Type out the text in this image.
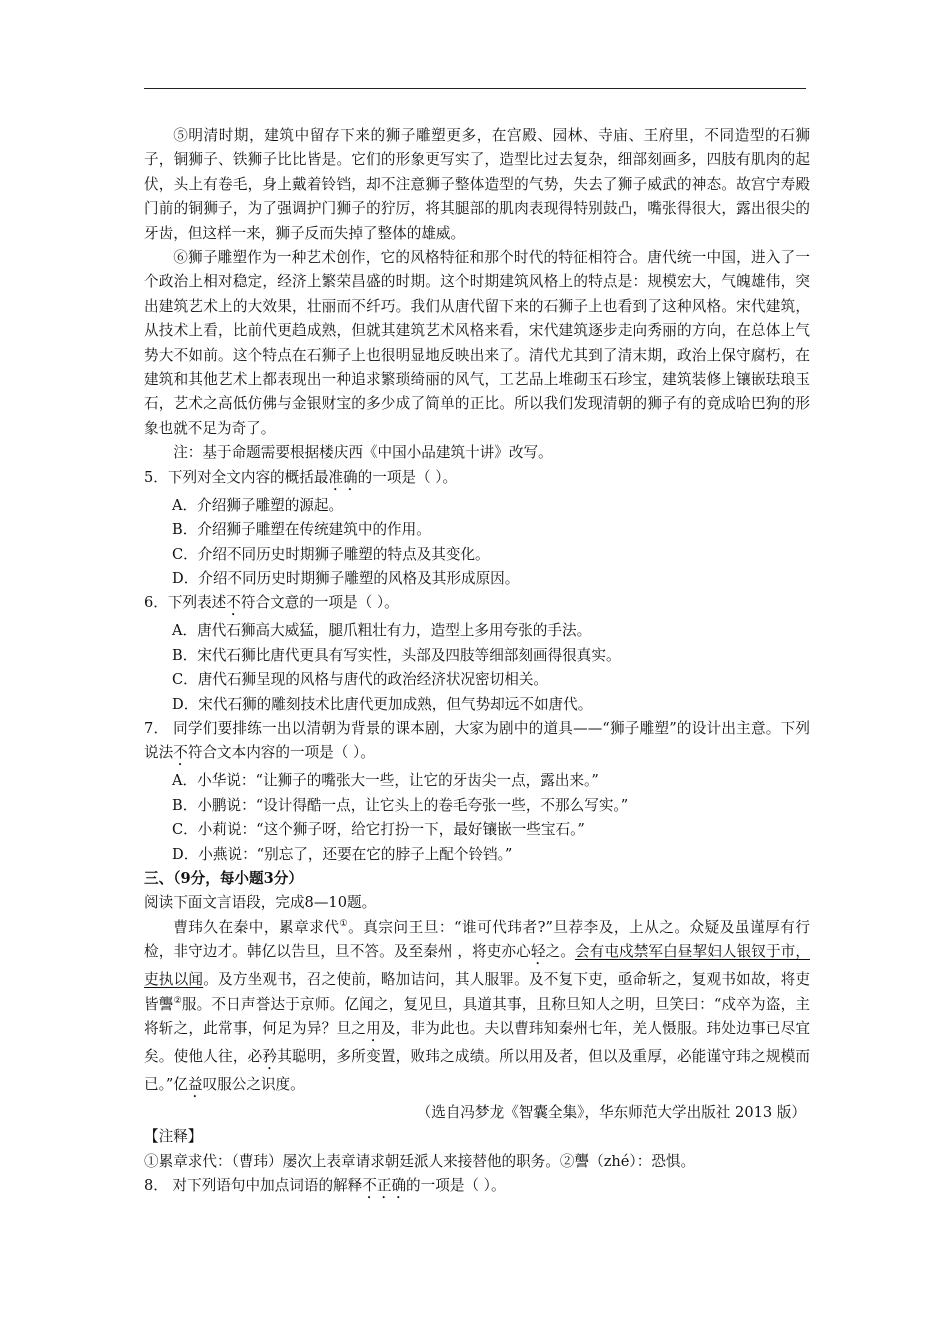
⑤明清时期，建筑中留存下来的狮子雕塑更多，在宫殿、园林、寺庙、王府里，不同造型的石狮子，铜狮子、铁狮子比比皆是。它们的形象更写实了，造型比过去复杂，细部刻画多，四肢有肌肉的起伏，头上有卷毛，身上戴着铃铛，却不注意狮子整体造型的气势，失去了狮子威武的神态。故宫宁寿殿门前的铜狮子，为了强调护门狮子的狞厉，将其腿部的肌肉表现得特别鼓凸，嘴张得很大，露出很尖的牙齿，但这样一来，狮子反而失掉了整体的雄威。

⑥狮子雕塑作为一种艺术创作，它的风格特征和那个时代的特征相符合。唐代统一中国，进入了一个政治上相对稳定，经济上繁荣昌盛的时期。这个时期建筑风格上的特点是：规模宏大，气魄雄伟，突出建筑艺术上的大效果，壮丽而不纤巧。我们从唐代留下来的石狮子上也看到了这种风格。宋代建筑，从技术上看，比前代更趋成熟，但就其建筑艺术风格来看，宋代建筑逐步走向秀丽的方向，在总体上气势大不如前。这个特点在石狮子上也很明显地反映出来了。清代尤其到了清末期，政治上保守腐朽，在建筑和其他艺术上都表现出一种追求繁琐绮丽的风气，工艺品上堆砌玉石珍宝，建筑装修上镶嵌珐琅玉石，艺术之高低仿佛与金银财宝的多少成了简单的正比。所以我们发现清朝的狮子有的竟成哈巴狗的形象也就不足为奇了。

注：基于命题需要根据楼庆西《中国小品建筑十讲》改写。

5．下列对全文内容的概括最准确的一项是（ ）。

A．介绍狮子雕塑的源起。

B．介绍狮子雕塑在传统建筑中的作用。

C．介绍不同历史时期狮子雕塑的特点及其变化。

D．介绍不同历史时期狮子雕塑的风格及其形成原因。

6．下列表述不符合文意的一项是（ ）。

A．唐代石狮高大威猛，腿爪粗壮有力，造型上多用夸张的手法。

B．宋代石狮比唐代更具有写实性，头部及四肢等细部刻画得很真实。

C．唐代石狮呈现的风格与唐代的政治经济状况密切相关。

D．宋代石狮的雕刻技术比唐代更加成熟，但气势却远不如唐代。

7． 同学们要排练一出以清朝为背景的课本剧，大家为剧中的道具——“狮子雕塑”的设计出主意。下列说法不符合文本内容的一项是（ ）。

A．小华说：“让狮子的嘴张大一些，让它的牙齿尖一点，露出来。”

B．小鹏说：“设计得酷一点，让它头上的卷毛夸张一些，不那么写实。”

C．小莉说：“这个狮子呀，给它打扮一下，最好镶嵌一些宝石。”

D．小燕说：“别忘了，还要在它的脖子上配个铃铛。”

三、（9分，每小题3分）

阅读下面文言语段，完成8—10题。

曹玮久在秦中，累章求代①。真宗问王旦：“谁可代玮者?”旦荐李及，上从之。众疑及虽谨厚有行检，非守边才。韩亿以告旦，旦不答。及至秦州 ，将吏亦心轻之。会有屯戍禁军白昼挈妇人银钗于市，吏执以闻。及方坐观书，召之使前，略加诘问，其人服罪。及不复下吏，亟命斩之，复观书如故，将吏皆讋②服。不日声誉达于京师。亿闻之，复见旦，具道其事，且称旦知人之明，旦笑曰：“戍卒为盗，主将斩之，此常事，何足为异？旦之用及，非为此也。夫以曹玮知秦州七年，羌人慑服。玮处边事已尽宜矣。使他人往，必矜其聪明，多所变置，败玮之成绩。所以用及者，但以及重厚，必能谨守玮之规模而已。”亿益叹服公之识度。

（选自冯梦龙《智囊全集》，华东师范大学出版社 2013 版）

【注释】

①累章求代：（曹玮）屡次上表章请求朝廷派人来接替他的职务。②讋（zhé）：恐惧。

8． 对下列语句中加点词语的解释不正确的一项是（ ）。
